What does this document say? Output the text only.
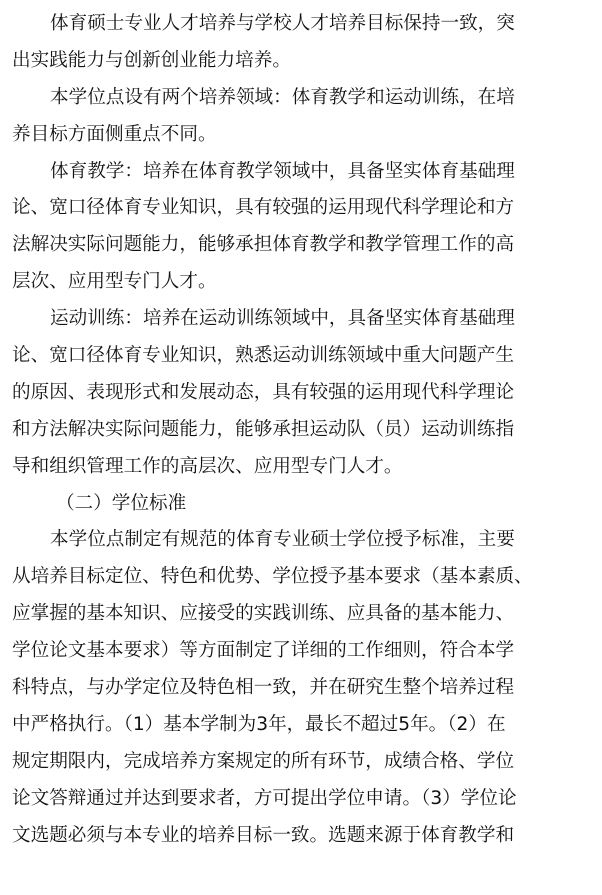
体育硕士专业人才培养与学校人才培养目标保持一致，突
出实践能力与创新创业能力培养。
本学位点设有两个培养领域：体育教学和运动训练，在培
养目标方面侧重点不同。
体育教学：培养在体育教学领域中，具备坚实体育基础理
论、宽口径体育专业知识，具有较强的运用现代科学理论和方
法解决实际问题能力，能够承担体育教学和教学管理工作的高
层次、应用型专门人才。
运动训练：培养在运动训练领域中，具备坚实体育基础理
论、宽口径体育专业知识，熟悉运动训练领域中重大问题产生
的原因、表现形式和发展动态，具有较强的运用现代科学理论
和方法解决实际问题能力，能够承担运动队（员）运动训练指
导和组织管理工作的高层次、应用型专门人才。
（二）学位标准
本学位点制定有规范的体育专业硕士学位授予标准，主要
从培养目标定位、特色和优势、学位授予基本要求（基本素质、
应掌握的基本知识、应接受的实践训练、应具备的基本能力、
学位论文基本要求）等方面制定了详细的工作细则，符合本学
科特点，与办学定位及特色相一致，并在研究生整个培养过程
中严格执行。（1）基本学制为3年，最长不超过5年。（2）在
规定期限内，完成培养方案规定的所有环节，成绩合格、学位
论文答辩通过并达到要求者，方可提出学位申请。（3）学位论
文选题必须与本专业的培养目标一致。选题来源于体育教学和
